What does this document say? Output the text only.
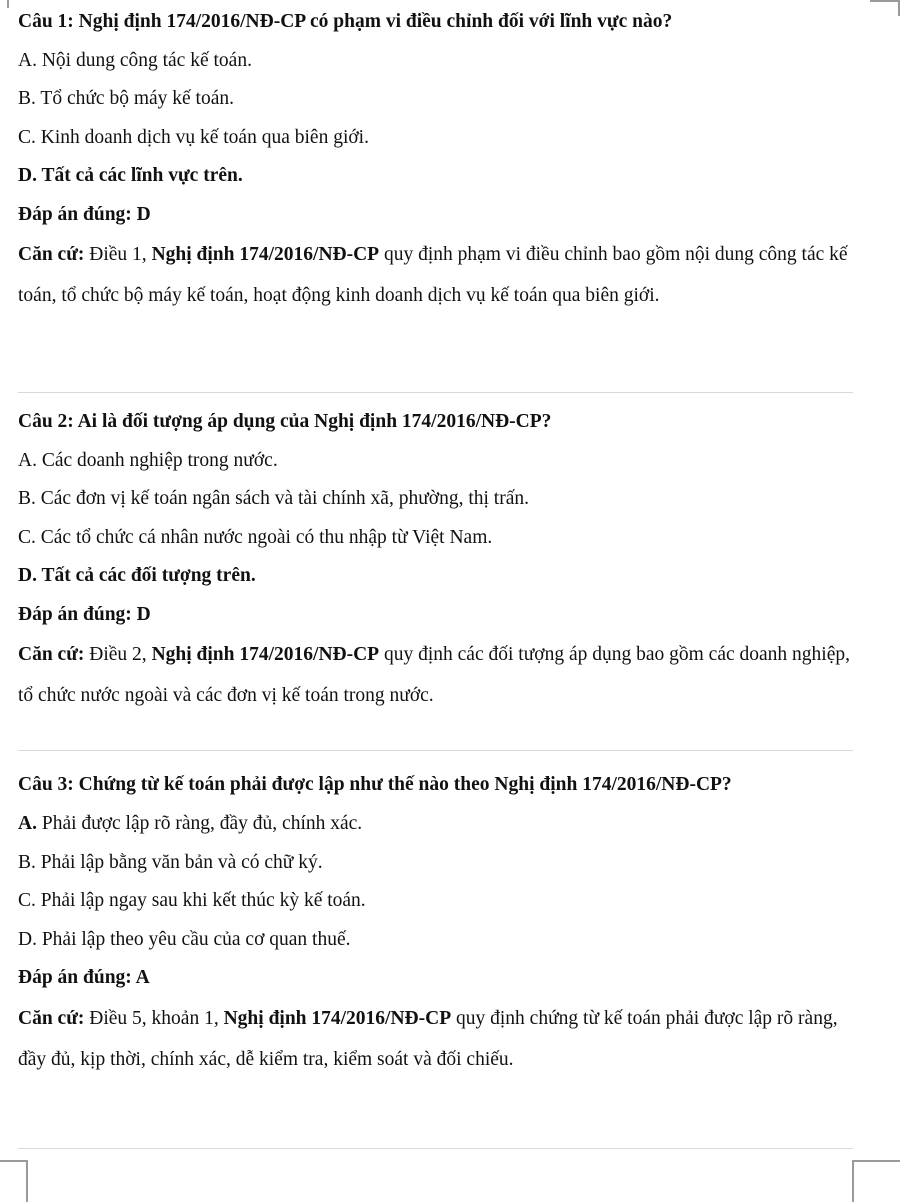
Câu 1: Nghị định 174/2016/NĐ-CP có phạm vi điều chỉnh đối với lĩnh vực nào?
A. Nội dung công tác kế toán.
B. Tổ chức bộ máy kế toán.
C. Kinh doanh dịch vụ kế toán qua biên giới.
D. Tất cả các lĩnh vực trên.
Đáp án đúng: D
Căn cứ: Điều 1, Nghị định 174/2016/NĐ-CP quy định phạm vi điều chỉnh bao gồm nội dung công tác kế toán, tổ chức bộ máy kế toán, hoạt động kinh doanh dịch vụ kế toán qua biên giới.
Câu 2: Ai là đối tượng áp dụng của Nghị định 174/2016/NĐ-CP?
A. Các doanh nghiệp trong nước.
B. Các đơn vị kế toán ngân sách và tài chính xã, phường, thị trấn.
C. Các tổ chức cá nhân nước ngoài có thu nhập từ Việt Nam.
D. Tất cả các đối tượng trên.
Đáp án đúng: D
Căn cứ: Điều 2, Nghị định 174/2016/NĐ-CP quy định các đối tượng áp dụng bao gồm các doanh nghiệp, tổ chức nước ngoài và các đơn vị kế toán trong nước.
Câu 3: Chứng từ kế toán phải được lập như thế nào theo Nghị định 174/2016/NĐ-CP?
A. Phải được lập rõ ràng, đầy đủ, chính xác.
B. Phải lập bằng văn bản và có chữ ký.
C. Phải lập ngay sau khi kết thúc kỳ kế toán.
D. Phải lập theo yêu cầu của cơ quan thuế.
Đáp án đúng: A
Căn cứ: Điều 5, khoản 1, Nghị định 174/2016/NĐ-CP quy định chứng từ kế toán phải được lập rõ ràng, đầy đủ, kịp thời, chính xác, dễ kiểm tra, kiểm soát và đối chiếu.
